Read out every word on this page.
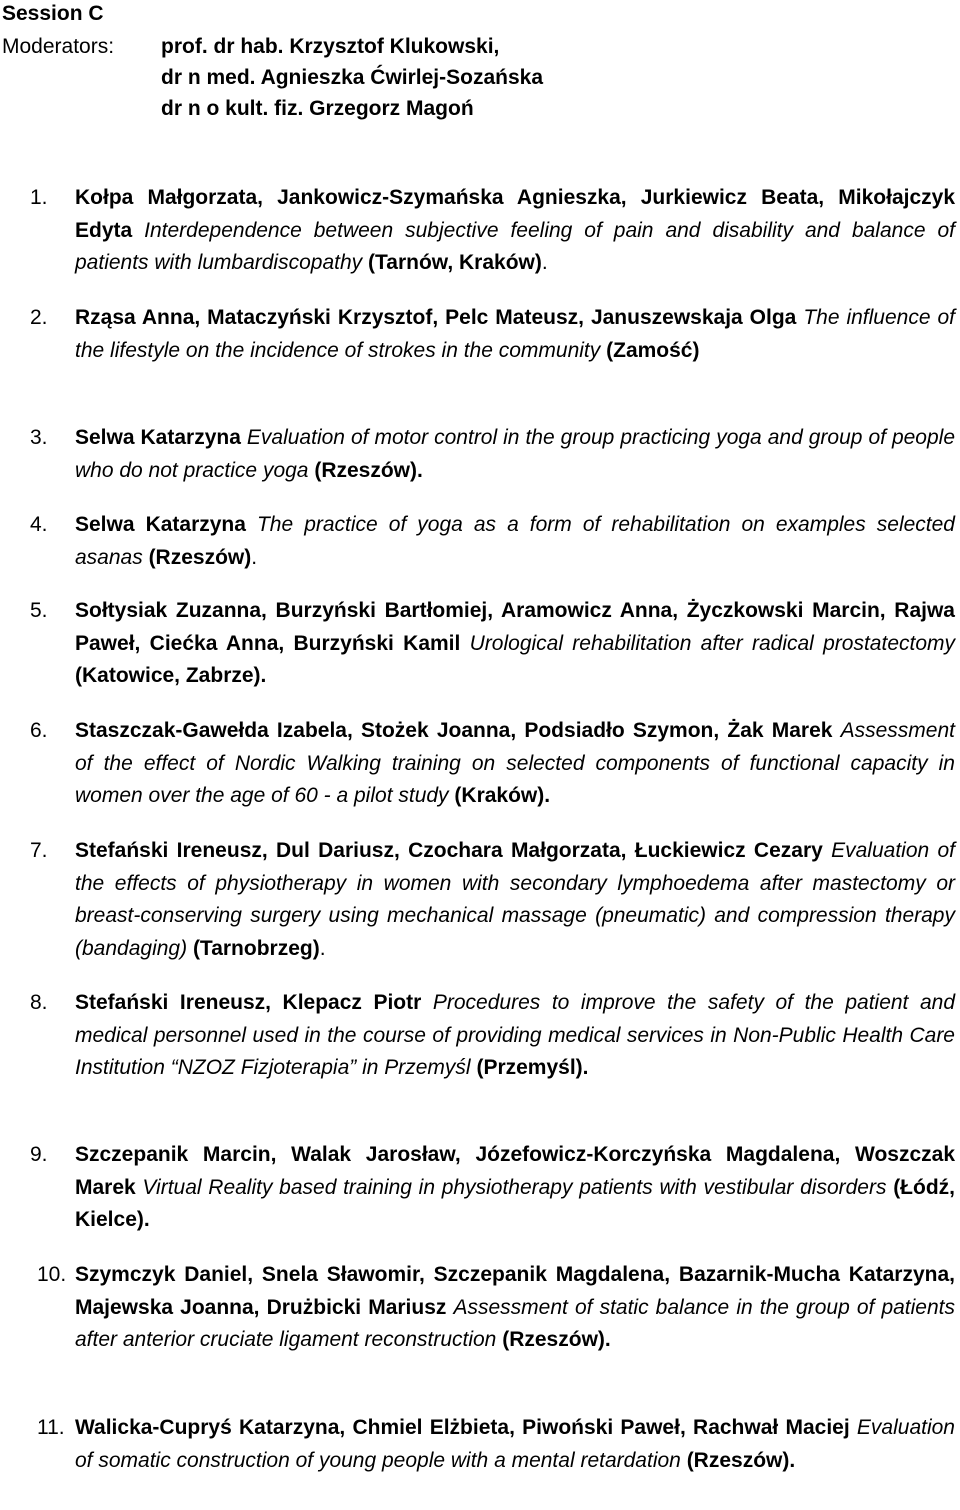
Session C
Moderators: prof. dr hab. Krzysztof Klukowski,
dr n med. Agnieszka Ćwirlej-Sozańska
dr n o kult. fiz. Grzegorz Magoń
1. Kołpa Małgorzata, Jankowicz-Szymańska Agnieszka, Jurkiewicz Beata, Mikołajczyk Edyta Interdependence between subjective feeling of pain and disability and balance of patients with lumbardiscopathy (Tarnów, Kraków).
2. Rząsa Anna, Mataczyński Krzysztof, Pelc Mateusz, Januszewskaja Olga The influence of the lifestyle on the incidence of strokes in the community (Zamość)
3. Selwa Katarzyna Evaluation of motor control in the group practicing yoga and group of people who do not practice yoga (Rzeszów).
4. Selwa Katarzyna The practice of yoga as a form of rehabilitation on examples selected asanas (Rzeszów).
5. Sołtysiak Zuzanna, Burzyński Bartłomiej, Aramowicz Anna, Życzkowski Marcin, Rajwa Paweł, Ciećka Anna, Burzyński Kamil Urological rehabilitation after radical prostatectomy (Katowice, Zabrze).
6. Staszczak-Gawełda Izabela, Stożek Joanna, Podsiadło Szymon, Żak Marek Assessment of the effect of Nordic Walking training on selected components of functional capacity in women over the age of 60 - a pilot study (Kraków).
7. Stefański Ireneusz, Dul Dariusz, Czochara Małgorzata, Łuckiewicz Cezary Evaluation of the effects of physiotherapy in women with secondary lymphoedema after mastectomy or breast-conserving surgery using mechanical massage (pneumatic) and compression therapy (bandaging) (Tarnobrzeg).
8. Stefański Ireneusz, Klepacz Piotr Procedures to improve the safety of the patient and medical personnel used in the course of providing medical services in Non-Public Health Care Institution “NZOZ Fizjoterapia” in Przemyśl (Przemyśl).
9. Szczepanik Marcin, Walak Jarosław, Józefowicz-Korczyńska Magdalena, Woszczak Marek Virtual Reality based training in physiotherapy patients with vestibular disorders (Łódź, Kielce).
10. Szymczyk Daniel, Snela Sławomir, Szczepanik Magdalena, Bazarnik-Mucha Katarzyna, Majewska Joanna, Drużbicki Mariusz Assessment of static balance in the group of patients after anterior cruciate ligament reconstruction (Rzeszów).
11. Walicka-Cupryś Katarzyna, Chmiel Elżbieta, Piwoński Paweł, Rachwał Maciej Evaluation of somatic construction of young people with a mental retardation (Rzeszów).
